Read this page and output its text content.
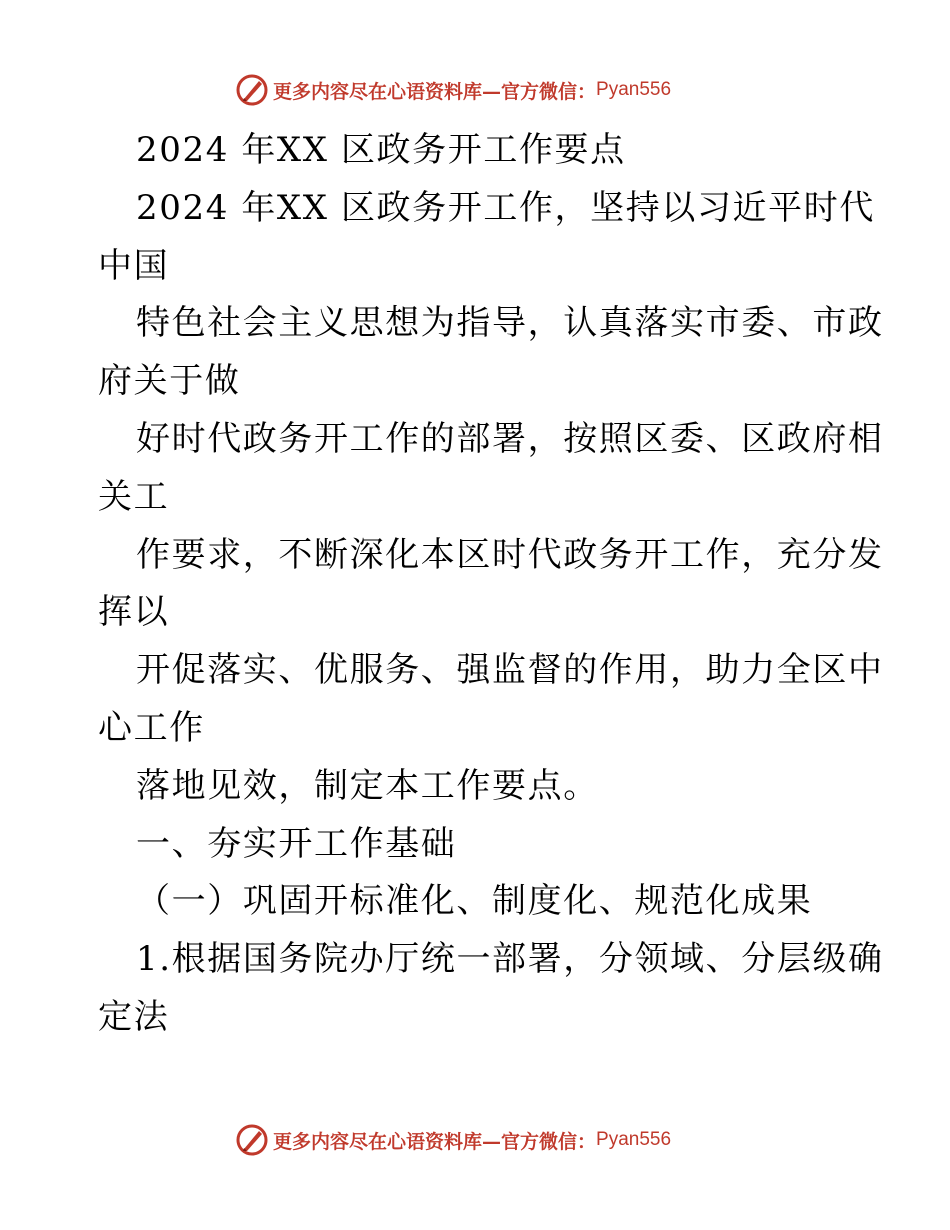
更多内容尽在心语资料库—官方微信： Pyan556
2024 年XX 区政务开工作要点
2024 年XX 区政务开工作，坚持以习近平时代
中国
特色社会主义思想为指导，认真落实市委、市政
府关于做
好时代政务开工作的部署，按照区委、区政府相
关工
作要求，不断深化本区时代政务开工作，充分发
挥以
开促落实、优服务、强监督的作用，助力全区中
心工作
落地见效，制定本工作要点。
一、夯实开工作基础
（一）巩固开标准化、制度化、规范化成果
1.根据国务院办厅统一部署，分领域、分层级确
定法
更多内容尽在心语资料库—官方微信： Pyan556
